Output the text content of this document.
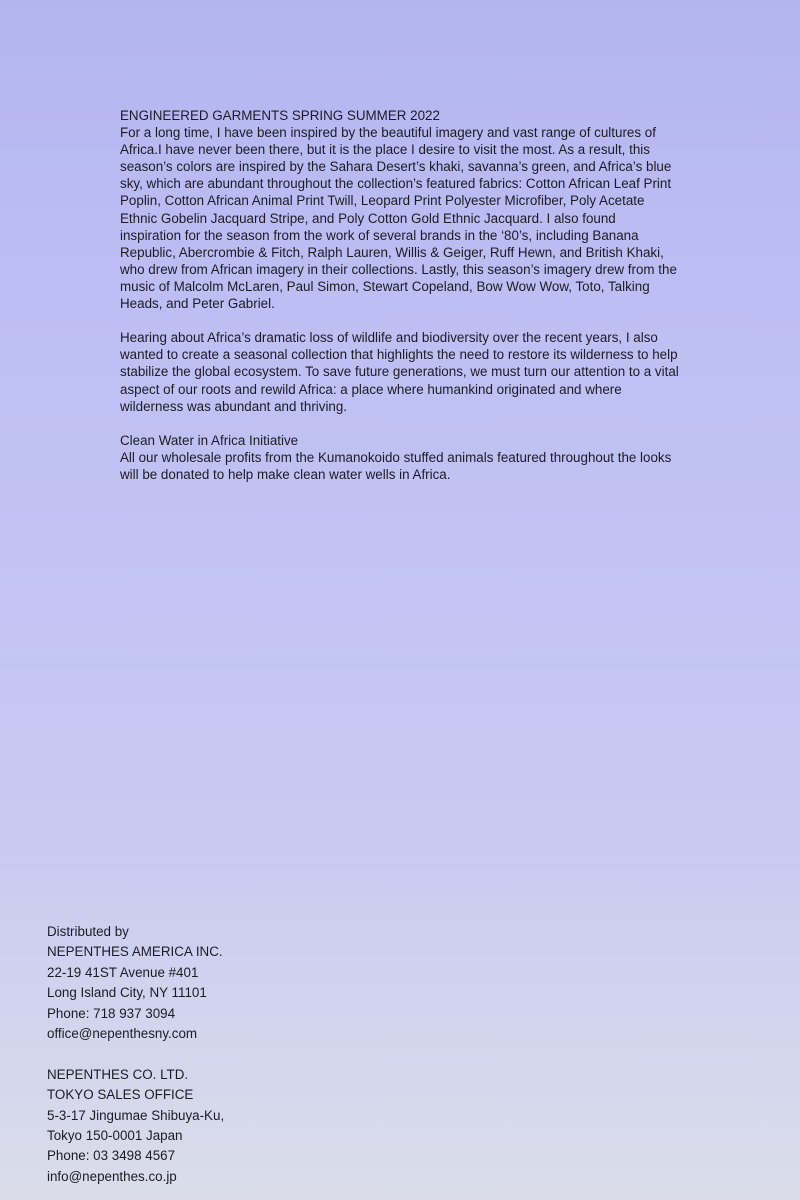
ENGINEERED GARMENTS SPRING SUMMER 2022

For a long time, I have been inspired by the beautiful imagery and vast range of cultures of Africa.I have never been there, but it is the place I desire to visit the most. As a result, this season’s colors are inspired by the Sahara Desert’s khaki, savanna’s green, and Africa’s blue sky, which are abundant throughout the collection’s featured fabrics: Cotton African Leaf Print Poplin, Cotton African Animal Print Twill, Leopard Print Polyester Microfiber, Poly Acetate Ethnic Gobelin Jacquard Stripe, and Poly Cotton Gold Ethnic Jacquard. I also found inspiration for the season from the work of several brands in the ‘80’s, including Banana Republic, Abercrombie & Fitch, Ralph Lauren, Willis & Geiger, Ruff Hewn, and British Khaki, who drew from African imagery in their collections. Lastly, this season’s imagery drew from the music of Malcolm McLaren, Paul Simon, Stewart Copeland, Bow Wow Wow, Toto, Talking Heads, and Peter Gabriel.

Hearing about Africa’s dramatic loss of wildlife and biodiversity over the recent years, I also wanted to create a seasonal collection that highlights the need to restore its wilderness to help stabilize the global ecosystem. To save future generations, we must turn our attention to a vital aspect of our roots and rewild Africa: a place where humankind originated and where wilderness was abundant and thriving.

Clean Water in Africa Initiative

All our wholesale profits from the Kumanokoido stuffed animals featured throughout the looks will be donated to help make clean water wells in Africa.

Distributed by
NEPENTHES AMERICA INC.
22-19 41ST Avenue #401
Long Island City, NY 11101
Phone: 718 937 3094
office@nepenthesny.com
NEPENTHES CO. LTD.
TOKYO SALES OFFICE
5-3-17 Jingumae Shibuya-Ku,
Tokyo 150-0001 Japan
Phone: 03 3498 4567
info@nepenthes.co.jp
